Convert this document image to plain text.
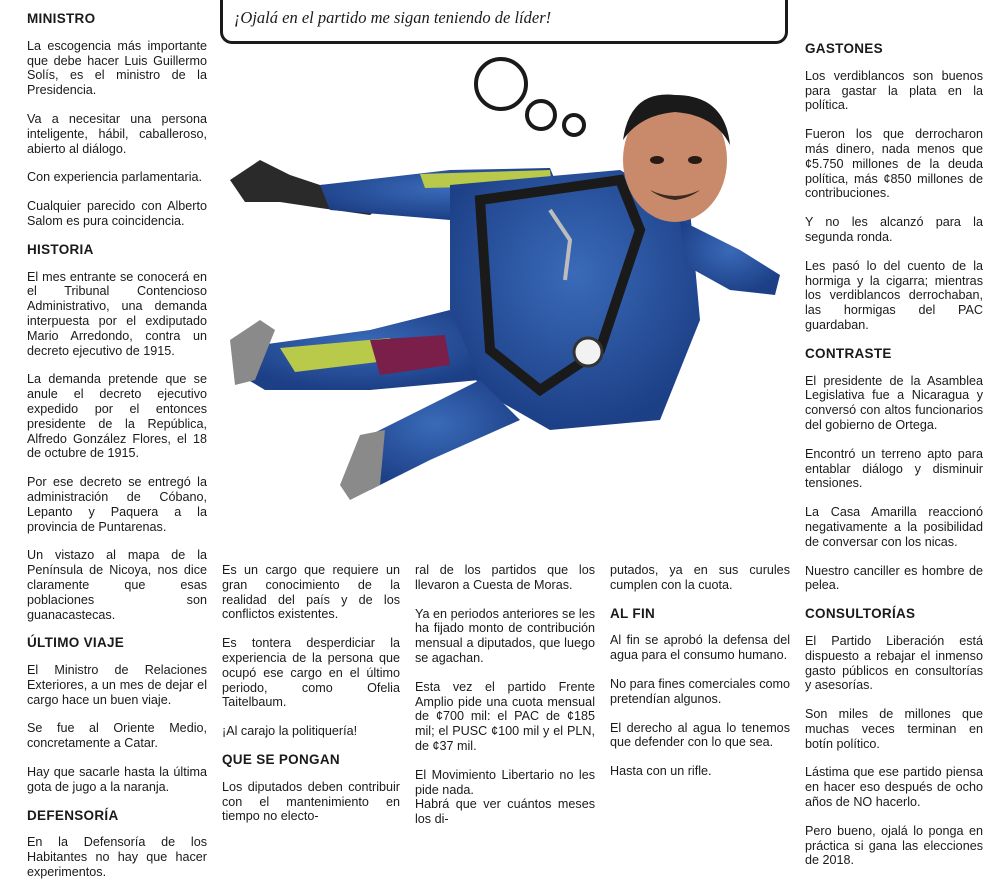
¡Ojalá en el partido me sigan teniendo de líder!
MINISTRO

La escogencia más importante que debe hacer Luis Guillermo Solís, es el ministro de la Presidencia.

Va a necesitar una persona inteligente, hábil, caballeroso, abierto al diálogo.

Con experiencia parlamentaria.

Cualquier parecido con Alberto Salom es pura coincidencia.

HISTORIA

El mes entrante se conocerá en el Tribunal Contencioso Administrativo, una demanda interpuesta por el exdiputado Mario Arredondo, contra un decreto ejecutivo de 1915.

La demanda pretende que se anule el decreto ejecutivo expedido por el entonces presidente de la República, Alfredo González Flores, el 18 de octubre de 1915.

Por ese decreto se entregó la administración de Cóbano, Lepanto y Paquera a la provincia de Puntarenas.

Un vistazo al mapa de la Península de Nicoya, nos dice claramente que esas poblaciones son guanacastecas.

ÚLTIMO VIAJE

El Ministro de Relaciones Exteriores, a un mes de dejar el cargo hace un buen viaje.

Se fue al Oriente Medio, concretamente a Catar.

Hay que sacarle hasta la última gota de jugo a la naranja.

DEFENSORÍA

En la Defensoría de los Habitantes no hay que hacer experimentos.

Es un cargo que requiere un gran conocimiento de la realidad del país y de los conflictos existentes.

Es tontera desperdiciar la experiencia de la persona que ocupó ese cargo en el último periodo, como Ofelia Taitelbaum.

¡Al carajo la politiquería!

QUE SE PONGAN

Los diputados deben contribuir con el mantenimiento en tiempo no electo-

ral de los partidos que los llevaron a Cuesta de Moras.

Ya en periodos anteriores se les ha fijado monto de contribución mensual a diputados, que luego se agachan.

Esta vez el partido Frente Amplio pide una cuota mensual de ¢700 mil: el PAC de ¢185 mil; el PUSC ¢100 mil y el PLN, de ¢37 mil.

El Movimiento Libertario no les pide nada.

Habrá que ver cuántos meses los di-

putados, ya en sus curules cumplen con la cuota.

AL FIN

Al fin se aprobó la defensa del agua para el consumo humano.

No para fines comerciales como pretendían algunos.

El derecho al agua lo tenemos que defender con lo que sea.

Hasta con un rifle.

GASTONES

Los verdiblancos son buenos para gastar la plata en la política.

Fueron los que derrocharon más dinero, nada menos que ¢5.750 millones de la deuda política, más ¢850 millones de contribuciones.

Y no les alcanzó para la segunda ronda.

Les pasó lo del cuento de la hormiga y la cigarra; mientras los verdiblancos derrochaban, las hormigas del PAC guardaban.

CONTRASTE

El presidente de la Asamblea Legislativa fue a Nicaragua y conversó con altos funcionarios del gobierno de Ortega.

Encontró un terreno apto para entablar diálogo y disminuir tensiones.

La Casa Amarilla reaccionó negativamente a la posibilidad de conversar con los nicas.

Nuestro canciller es hombre de pelea.

CONSULTORÍAS

El Partido Liberación está dispuesto a rebajar el inmenso gasto públicos en consultorías y asesorías.

Son miles de millones que muchas veces terminan en botín político.

Lástima que ese partido piensa en hacer eso después de ocho años de NO hacerlo.

Pero bueno, ojalá lo ponga en práctica si gana las elecciones de 2018.
